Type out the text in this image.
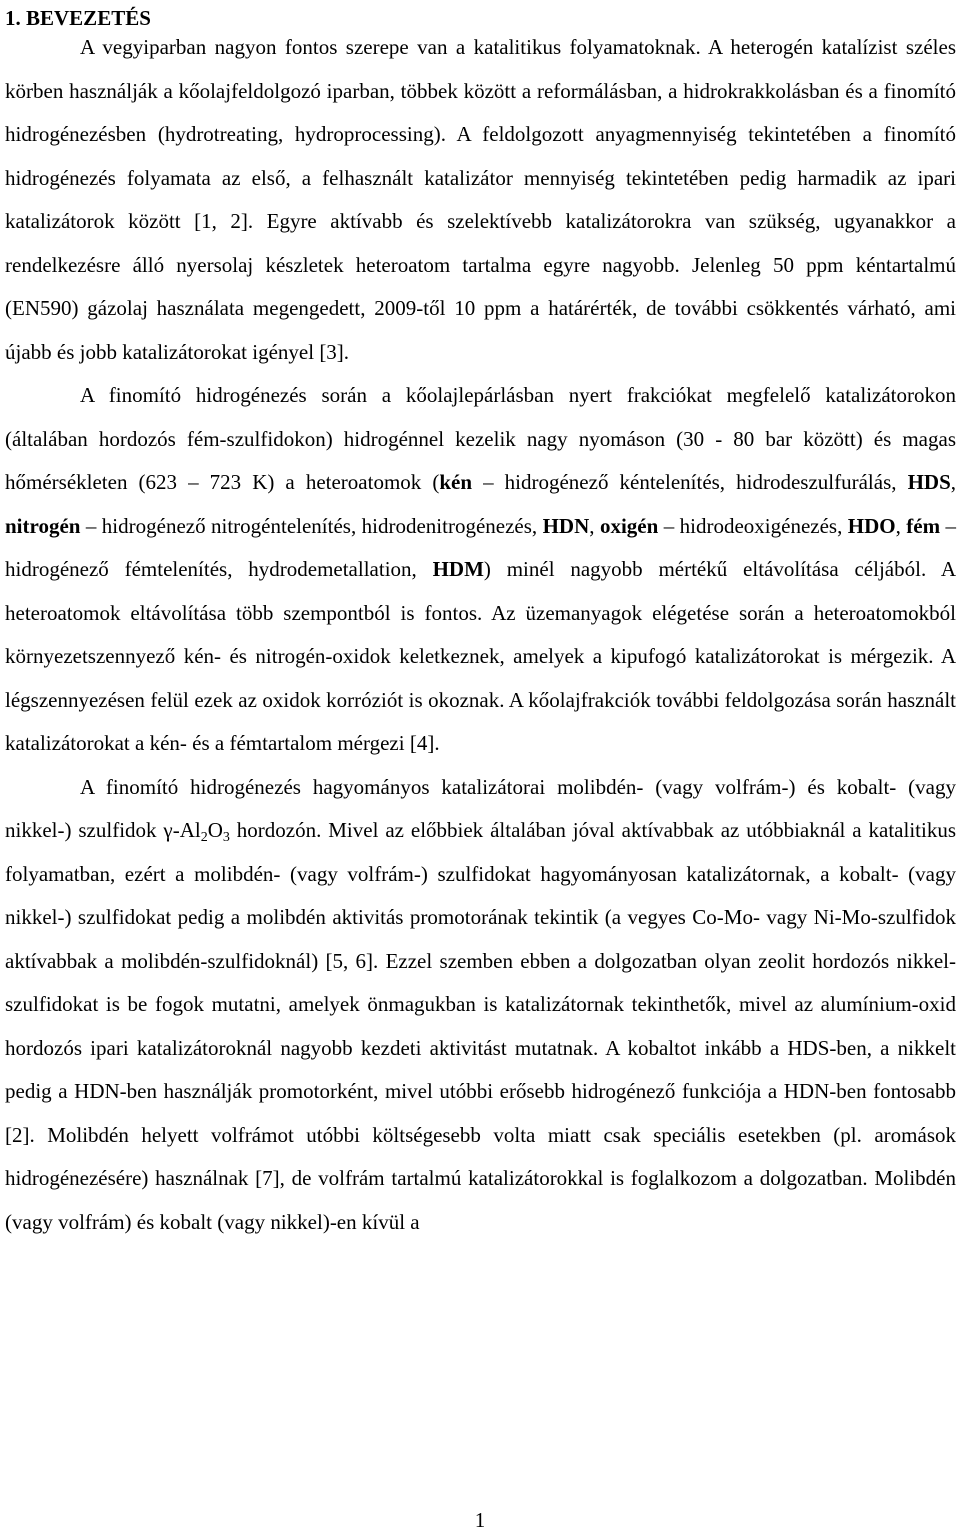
1. BEVEZETÉS

A vegyiparban nagyon fontos szerepe van a katalitikus folyamatoknak. A heterogén katalízist széles körben használják a kőolajfeldolgozó iparban, többek között a reformálásban, a hidrokrakkolásban és a finomító hidrogénezésben (hydrotreating, hydroprocessing). A feldolgozott anyagmennyiség tekintetében a finomító hidrogénezés folyamata az első, a felhasznált katalizátor mennyiség tekintetében pedig harmadik az ipari katalizátorok között [1, 2]. Egyre aktívabb és szelektívebb katalizátorokra van szükség, ugyanakkor a rendelkezésre álló nyersolaj készletek heteroatom tartalma egyre nagyobb. Jelenleg 50 ppm kéntartalmú (EN590) gázolaj használata megengedett, 2009-től 10 ppm a határérték, de további csökkentés várható, ami újabb és jobb katalizátorokat igényel [3].

A finomító hidrogénezés során a kőolajlepárlásban nyert frakciókat megfelelő katalizátorokon (általában hordozós fém-szulfidokon) hidrogénnel kezelik nagy nyomáson (30 - 80 bar között) és magas hőmérsékleten (623 – 723 K) a heteroatomok (kén – hidrogénező kéntelenítés, hidrodeszulfurálás, HDS, nitrogén – hidrogénező nitrogéntelenítés, hidrodenitrogénezés, HDN, oxigén – hidrodeoxigénezés, HDO, fém – hidrogénező fémtelenítés, hydrodemetallation, HDM) minél nagyobb mértékű eltávolítása céljából. A heteroatomok eltávolítása több szempontból is fontos. Az üzemanyagok elégetése során a heteroatomokból környezetszennyező kén- és nitrogén-oxidok keletkeznek, amelyek a kipufogó katalizátorokat is mérgezik. A légszennyezésen felül ezek az oxidok korróziót is okoznak. A kőolajfrakciók további feldolgozása során használt katalizátorokat a kén- és a fémtartalom mérgezi [4].

A finomító hidrogénezés hagyományos katalizátorai molibdén- (vagy volfrám-) és kobalt- (vagy nikkel-) szulfidok $\gamma-Al_2O_3$ hordozón. Mivel az előbbiek általában jóval aktívabbak az utóbbiaknál a katalitikus folyamatban, ezért a molibdén- (vagy volfrám-) szulfidokat hagyományosan katalizátornak, a kobalt- (vagy nikkel-) szulfidokat pedig a molibdén aktivitás promotorának tekintik (a vegyes Co-Mo- vagy Ni-Mo-szulfidok aktívabbak a molibdén-szulfidoknál) [5, 6]. Ezzel szemben ebben a dolgozatban olyan zeolit hordozós nikkel-szulfidokat is be fogok mutatni, amelyek önmagukban is katalizátornak tekinthetők, mivel az alumínium-oxid hordozós ipari katalizátoroknál nagyobb kezdeti aktivitást mutatnak. A kobaltot inkább a HDS-ben, a nikkelt pedig a HDN-ben használják promotorként, mivel utóbbi erősebb hidrogénező funkciója a HDN-ben fontosabb [2]. Molibdén helyett volfrámot utóbbi költségesebb volta miatt csak speciális esetekben (pl. aromások hidrogénezésére) használnak [7], de volfrám tartalmú katalizátorokkal is foglalkozom a dolgozatban. Molibdén (vagy volfrám) és kobalt (vagy nikkel)-en kívül a

1
